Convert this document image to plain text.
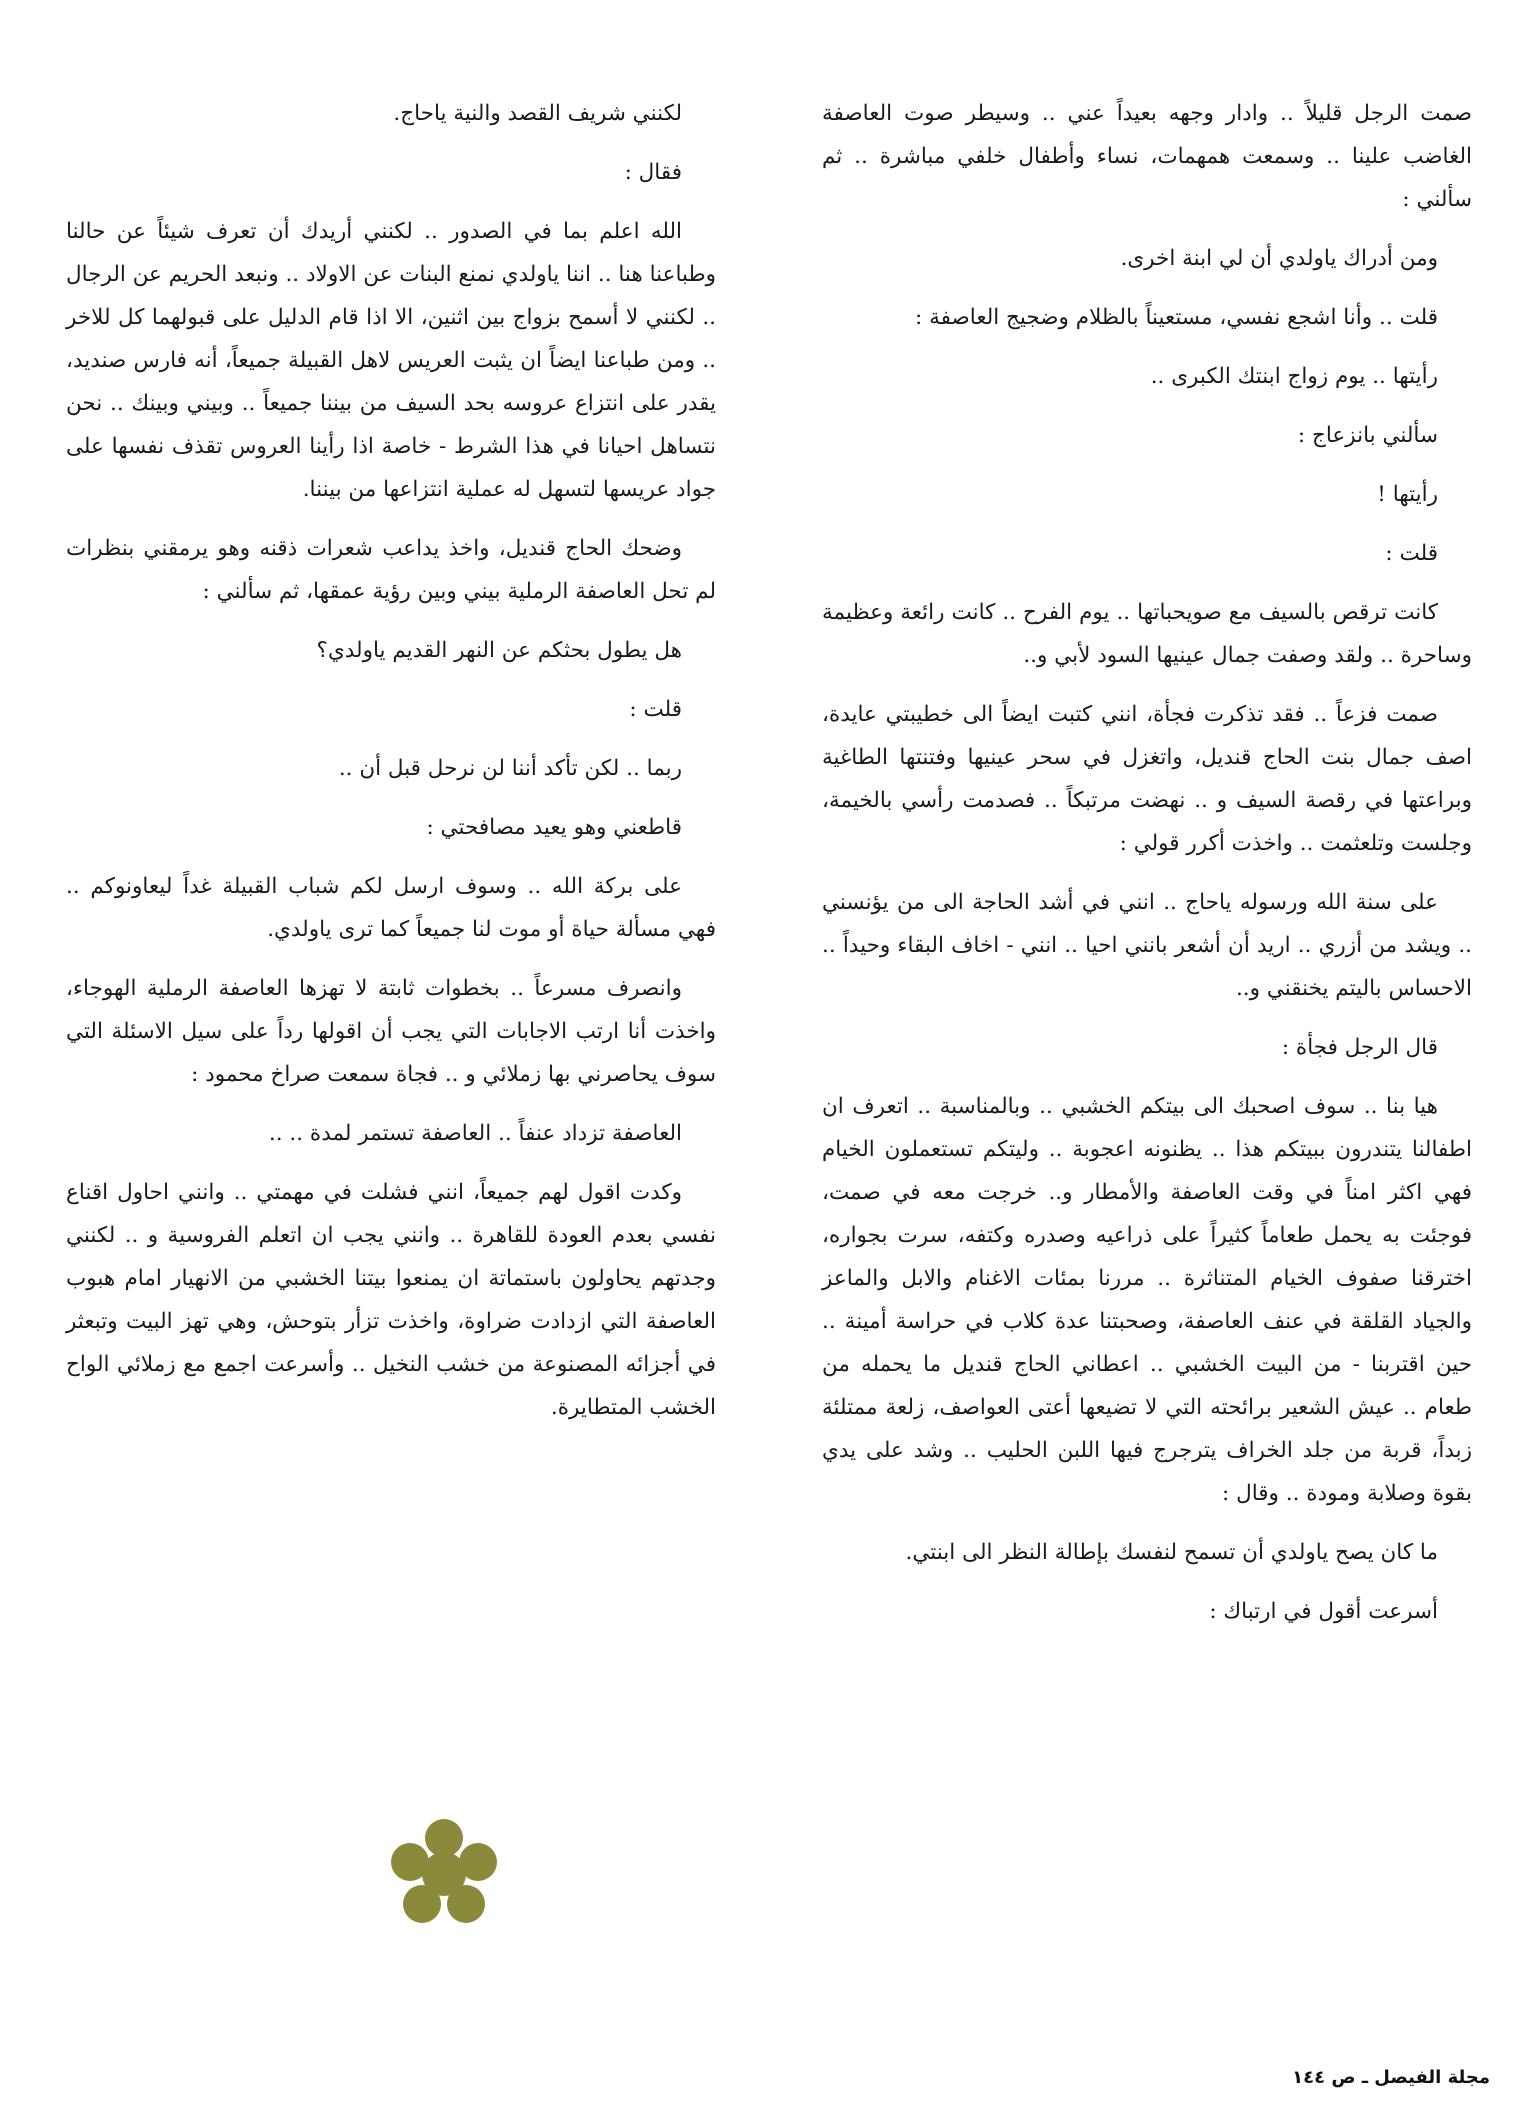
صمت الرجل قليلاً .. وادار وجهه بعيداً عني .. وسيطر صوت العاصفة الغاضب علينا .. وسمعت همهمات، نساء وأطفال خلفي مباشرة .. ثم سألني :

ومن أدراك ياولدي أن لي ابنة اخرى.

قلت .. وأنا اشجع نفسي، مستعيناً بالظلام وضجيج العاصفة :

رأيتها .. يوم زواج ابنتك الكبرى ..

سألني بانزعاج :

رأيتها !

قلت :

كانت ترقص بالسيف مع صويحباتها .. يوم الفرح .. كانت رائعة وعظيمة وساحرة .. ولقد وصفت جمال عينيها السود لأبي و..

صمت فزعاً .. فقد تذكرت فجأة، انني كتبت ايضاً الى خطيبتي عايدة، اصف جمال بنت الحاج قنديل، واتغزل في سحر عينيها وفتنتها الطاغية وبراعتها في رقصة السيف و .. نهضت مرتبكاً .. فصدمت رأسي بالخيمة، وجلست وتلعثمت .. واخذت أكرر قولي :

على سنة الله ورسوله ياحاج .. انني في أشد الحاجة الى من يؤنسني .. ويشد من أزري .. اريد أن أشعر بانني احيا .. انني - اخاف البقاء وحيداً .. الاحساس باليتم يخنقني و..

قال الرجل فجأة :

هيا بنا .. سوف اصحبك الى بيتكم الخشبي .. وبالمناسبة .. اتعرف ان اطفالنا يتندرون ببيتكم هذا .. يظنونه اعجوبة .. وليتكم تستعملون الخيام فهي اكثر امناً في وقت العاصفة والأمطار و.. خرجت معه في صمت، فوجئت به يحمل طعاماً كثيراً على ذراعيه وصدره وكتفه، سرت بجواره، اخترقنا صفوف الخيام المتناثرة .. مررنا بمئات الاغنام والابل والماعز والجياد القلقة في عنف العاصفة، وصحبتنا عدة كلاب في حراسة أمينة .. حين اقتربنا - من البيت الخشبي .. اعطاني الحاج قنديل ما يحمله من طعام .. عيش الشعير برائحته التي لا تضيعها أعتى العواصف، زلعة ممتلئة زبداً، قربة من جلد الخراف يترجرج فيها اللبن الحليب .. وشد على يدي بقوة وصلابة ومودة .. وقال :

ما كان يصح ياولدي أن تسمح لنفسك بإطالة النظر الى ابنتي.

أسرعت أقول في ارتباك :

لكنني شريف القصد والنية ياحاج.

فقال :

الله اعلم بما في الصدور .. لكنني أريدك أن تعرف شيئاً عن حالنا وطباعنا هنا .. اننا ياولدي نمنع البنات عن الاولاد .. ونبعد الحريم عن الرجال .. لكنني لا أسمح بزواج بين اثنين، الا اذا قام الدليل على قبولهما كل للاخر .. ومن طباعنا ايضاً ان يثبت العريس لاهل القبيلة جميعاً، أنه فارس صنديد، يقدر على انتزاع عروسه بحد السيف من بيننا جميعاً .. وبيني وبينك .. نحن نتساهل احيانا في هذا الشرط - خاصة اذا رأينا العروس تقذف نفسها على جواد عريسها لتسهل له عملية انتزاعها من بيننا.

وضحك الحاج قنديل، واخذ يداعب شعرات ذقنه وهو يرمقني بنظرات لم تحل العاصفة الرملية بيني وبين رؤية عمقها، ثم سألني :

هل يطول بحثكم عن النهر القديم ياولدي؟

قلت :

ربما .. لكن تأكد أننا لن نرحل قبل أن ..

قاطعني وهو يعيد مصافحتي :

على بركة الله .. وسوف ارسل لكم شباب القبيلة غداً ليعاونوكم .. فهي مسألة حياة أو موت لنا جميعاً كما ترى ياولدي.

وانصرف مسرعاً .. بخطوات ثابتة لا تهزها العاصفة الرملية الهوجاء، واخذت أنا ارتب الاجابات التي يجب أن اقولها رداً على سيل الاسئلة التي سوف يحاصرني بها زملائي و .. فجاة سمعت صراخ محمود :

العاصفة تزداد عنفاً .. العاصفة تستمر لمدة .. ..

وكدت اقول لهم جميعاً، انني فشلت في مهمتي .. وانني احاول اقناع نفسي بعدم العودة للقاهرة .. وانني يجب ان اتعلم الفروسية و .. لكنني وجدتهم يحاولون باستماتة ان يمنعوا بيتنا الخشبي من الانهيار امام هبوب العاصفة التي ازدادت ضراوة، واخذت تزأر بتوحش، وهي تهز البيت وتبعثر في أجزائه المصنوعة من خشب النخيل .. وأسرعت اجمع مع زملائي الواح الخشب المتطايرة.

مجلة الفيصل ـ ص ١٤٤
